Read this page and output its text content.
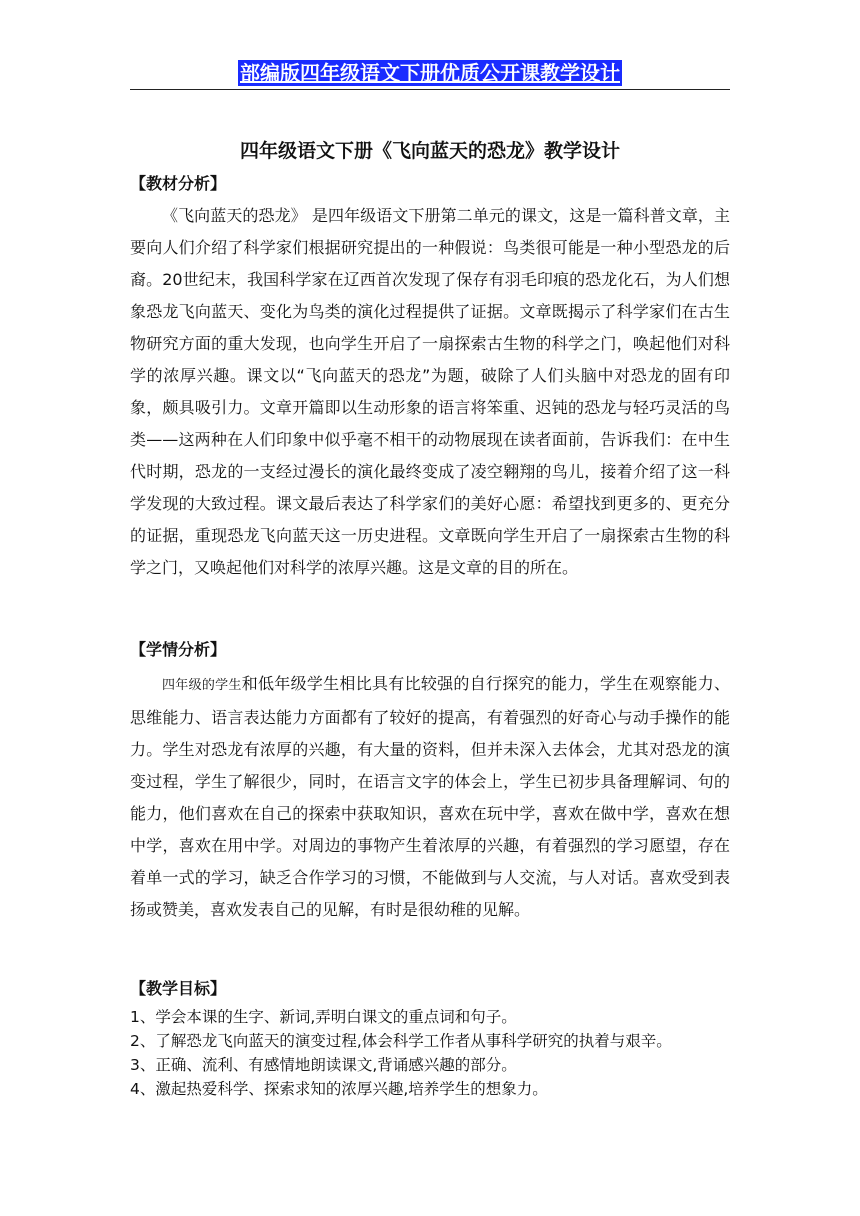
部编版四年级语文下册优质公开课教学设计
四年级语文下册《飞向蓝天的恐龙》教学设计
【教材分析】

《飞向蓝天的恐龙》 是四年级语文下册第二单元的课文，这是一篇科普文章，主要向人们介绍了科学家们根据研究提出的一种假说：鸟类很可能是一种小型恐龙的后裔。20世纪末，我国科学家在辽西首次发现了保存有羽毛印痕的恐龙化石，为人们想象恐龙飞向蓝天、变化为鸟类的演化过程提供了证据。文章既揭示了科学家们在古生物研究方面的重大发现，也向学生开启了一扇探索古生物的科学之门，唤起他们对科学的浓厚兴趣。课文以“飞向蓝天的恐龙”为题，破除了人们头脑中对恐龙的固有印象，颇具吸引力。文章开篇即以生动形象的语言将笨重、迟钝的恐龙与轻巧灵活的鸟类——这两种在人们印象中似乎毫不相干的动物展现在读者面前，告诉我们：在中生代时期，恐龙的一支经过漫长的演化最终变成了凌空翱翔的鸟儿，接着介绍了这一科学发现的大致过程。课文最后表达了科学家们的美好心愿：希望找到更多的、更充分的证据，重现恐龙飞向蓝天这一历史进程。文章既向学生开启了一扇探索古生物的科学之门，又唤起他们对科学的浓厚兴趣。这是文章的目的所在。

【学情分析】

四年级的学生和低年级学生相比具有比较强的自行探究的能力，学生在观察能力、思维能力、语言表达能力方面都有了较好的提高，有着强烈的好奇心与动手操作的能力。学生对恐龙有浓厚的兴趣，有大量的资料，但并未深入去体会，尤其对恐龙的演变过程，学生了解很少，同时，在语言文字的体会上，学生已初步具备理解词、句的能力，他们喜欢在自己的探索中获取知识，喜欢在玩中学，喜欢在做中学，喜欢在想中学，喜欢在用中学。对周边的事物产生着浓厚的兴趣，有着强烈的学习愿望，存在着单一式的学习，缺乏合作学习的习惯，不能做到与人交流，与人对话。喜欢受到表扬或赞美，喜欢发表自己的见解，有时是很幼稚的见解。

【教学目标】
1、学会本课的生字、新词,弄明白课文的重点词和句子。
2、了解恐龙飞向蓝天的演变过程,体会科学工作者从事科学研究的执着与艰辛。
3、正确、流利、有感情地朗读课文,背诵感兴趣的部分。
4、激起热爱科学、探索求知的浓厚兴趣,培养学生的想象力。
